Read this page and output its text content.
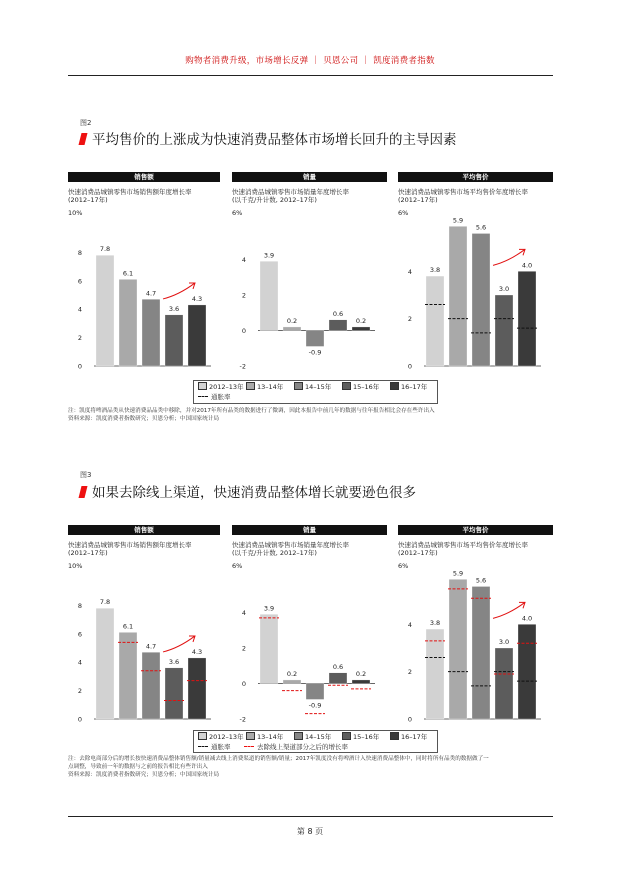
购物者消费升级，市场增长反弹 ｜ 贝恩公司 ｜ 凯度消费者指数
图2
平均售价的上涨成为快速消费品整体市场增长回升的主导因素
销售额
快速消费品城镇零售市场销售额年度增长率
(2012–17年)
10%
0
2
4
6
8	7.8
6.1
4.7
3.6
4.3
销量
快速消费品城镇零售市场销量年度增长率
(以千克/升计数, 2012–17年)
6%
-2
0
2
4
3.9
0.2
-0.9
0.6
0.2
平均售价
快速消费品城镇零售市场平均售价年度增长率
(2012–17年)
6%
0
2
4	3.8
5.9
5.6
3.0
4.0
2012–13年	13–14年	14–15年	15–16年	16–17年
通胀率
注：凯度将啤酒品类从快速消费品品类中移除，并对2017年所有品类的数据进行了微调，因此本报告中前几年的数据与往年报告相比会存在些许出入
资料来源：凯度消费者指数研究；贝恩分析；中国国家统计局
图3
如果去除线上渠道，快速消费品整体增长就要逊色很多
销售额
快速消费品城镇零售市场销售额年度增长率
(2012–17年)
10%
0
2
4
6
8	7.8
6.1
4.7
3.6
4.3
销量
快速消费品城镇零售市场销量年度增长率
(以千克/升计数, 2012–17年)
6%
-2
0
2
4
3.9
0.2
-0.9
0.6
0.2
平均售价
快速消费品城镇零售市场平均售价年度增长率
(2012–17年)
6%
0
2
4	3.8
5.9
5.6
3.0
4.0
2012–13年	13–14年	14–15年	15–16年	16–17年
通胀率	去除线上渠道部分之后的增长率
注：去除电商部分后的增长按快速消费品整体销售额/销量减去线上消费渠道的销售额/销量；2017年凯度没有将啤酒计入快速消费品整体中，同时将所有品类的数据做了一
点调整，导致前一年的数据与之前的报告相比有些许出入
资料来源：凯度消费者指数研究；贝恩分析；中国国家统计局
第 8 页
